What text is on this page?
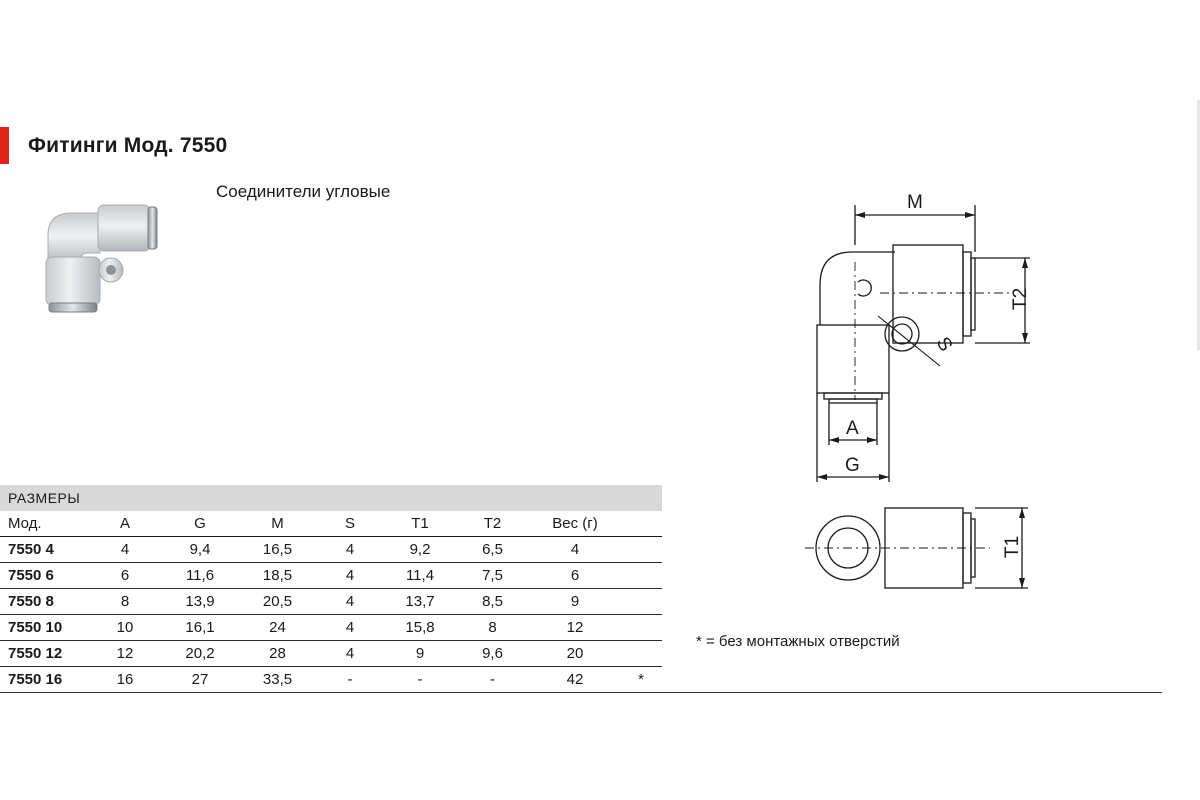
Фитинги Мод. 7550
Соединители угловые
РАЗМЕРЫ
Мод.	A	G	M	S	T1	T2	Вес (г)	
7550 4	4	9,4	16,5	4	9,2	6,5	4	
7550 6	6	11,6	18,5	4	11,4	7,5	6	
7550 8	8	13,9	20,5	4	13,7	8,5	9	
7550 10	10	16,1	24	4	15,8	8	12	
7550 12	12	20,2	28	4	9	9,6	20	
7550 16	16	27	33,5	-	-	-	42	*
* = без монтажных отверстий
M
T2
S
A
G
T1
